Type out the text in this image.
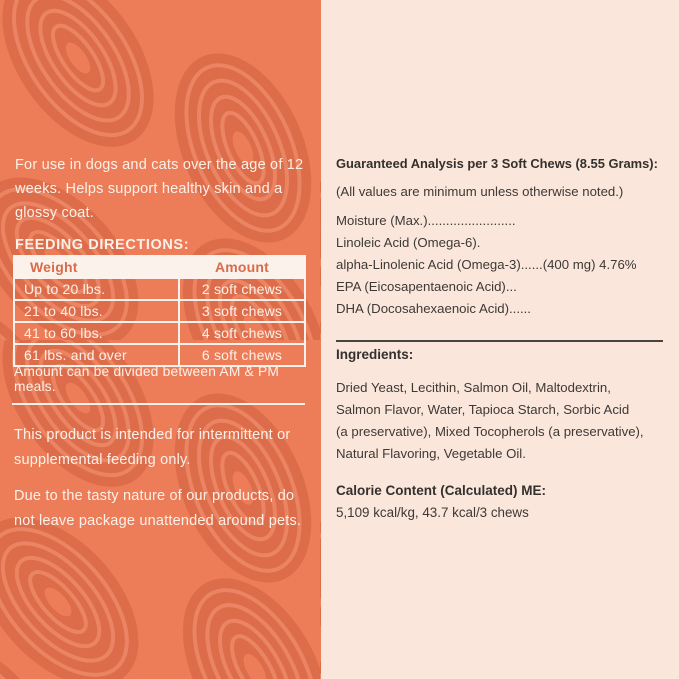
For use in dogs and cats over the age of 12
weeks. Helps support healthy skin and a
glossy coat.
FEEDING DIRECTIONS:
Weight	Amount
Up to 20 lbs.	2 soft chews
21 to 40 lbs.	3 soft chews
41 to 60 lbs.	4 soft chews
61 lbs. and over	6 soft chews
Amount can be divided between AM & PM meals.
This product is intended for intermittent or
supplemental feeding only.
Due to the tasty nature of our products, do
not leave package unattended around pets.
Guaranteed Analysis per 3 Soft Chews (8.55 Grams):
(All values are minimum unless otherwise noted.)
Moisture (Max.)........................
Linoleic Acid (Omega-6).
alpha-Linolenic Acid (Omega-3)......(400 mg) 4.76%
EPA (Eicosapentaenoic Acid)...
DHA (Docosahexaenoic Acid)......
Ingredients:
Dried Yeast, Lecithin, Salmon Oil, Maltodextrin,
Salmon Flavor, Water, Tapioca Starch, Sorbic Acid
(a preservative), Mixed Tocopherols (a preservative),
Natural Flavoring, Vegetable Oil.
Calorie Content (Calculated) ME:
5,109 kcal/kg, 43.7 kcal/3 chews
